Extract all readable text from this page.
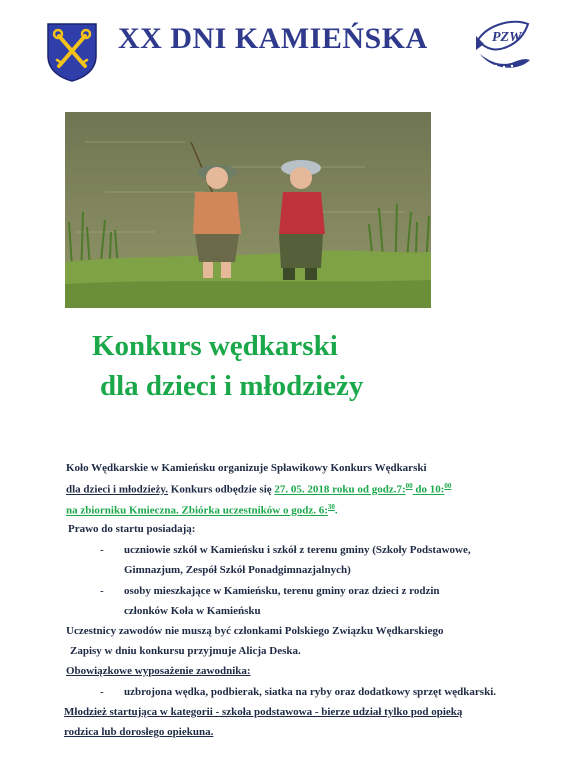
XX DNI KAMIEŃSKA	PZW
Konkurs wędkarski
dla dzieci i młodzieży
Koło Wędkarskie w Kamieńsku organizuje Spławikowy Konkurs Wędkarski
dla dzieci i młodzieży. Konkurs odbędzie się 27. 05. 2018 roku od godz.7:$^{00}$ do 10:$^{00}$
na zbiorniku Kmieczna. Zbiórka uczestników o godz. 6:$^{30}$.
Prawo do startu posiadają:
- uczniowie szkół w Kamieńsku i szkół z terenu gminy (Szkoły Podstawowe,
Gimnazjum, Zespół Szkół Ponadgimnazjalnych)
- osoby mieszkające w Kamieńsku, terenu gminy oraz dzieci z rodzin
członków Koła w Kamieńsku
Uczestnicy zawodów nie muszą być członkami Polskiego Związku Wędkarskiego
Zapisy w dniu konkursu przyjmuje Alicja Deska.
Obowiązkowe wyposażenie zawodnika:
- uzbrojona wędka, podbierak, siatka na ryby oraz dodatkowy sprzęt wędkarski.
Młodzież startująca w kategorii - szkoła podstawowa - bierze udział tylko pod opieką
rodzica lub dorosłego opiekuna.
